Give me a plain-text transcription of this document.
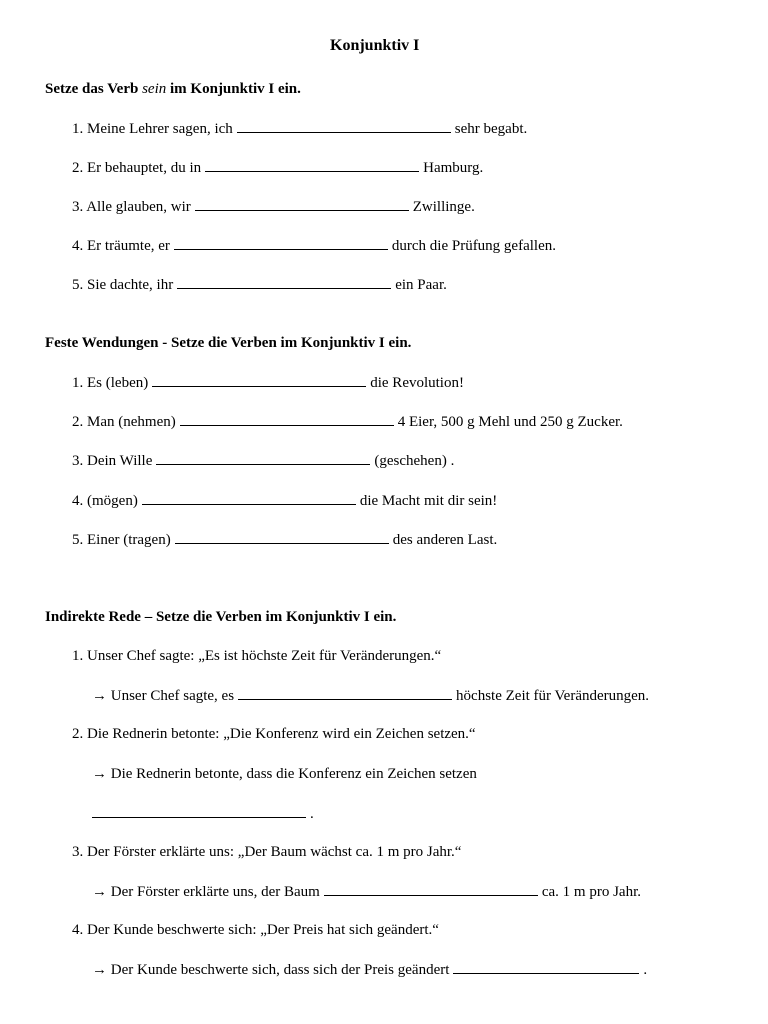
Konjunktiv I
Setze das Verb sein im Konjunktiv I ein.
1. Meine Lehrer sagen, ich	sehr begabt.
2. Er behauptet, du in	Hamburg.
3. Alle glauben, wir	Zwillinge.
4. Er träumte, er	durch die Prüfung gefallen.
5. Sie dachte, ihr	ein Paar.
Feste Wendungen - Setze die Verben im Konjunktiv I ein.
1. Es (leben)	die Revolution!
2. Man (nehmen)	4 Eier, 500 g Mehl und 250 g Zucker.
3. Dein Wille	(geschehen) .
4. (mögen)	die Macht mit dir sein!
5. Einer (tragen)	des anderen Last.
Indirekte Rede – Setze die Verben im Konjunktiv I ein.
1. Unser Chef sagte: „Es ist höchste Zeit für Veränderungen.“
→ Unser Chef sagte, es	höchste Zeit für Veränderungen.
2. Die Rednerin betonte: „Die Konferenz wird ein Zeichen setzen.“
→ Die Rednerin betonte, dass die Konferenz ein Zeichen setzen
.
3. Der Förster erklärte uns: „Der Baum wächst ca. 1 m pro Jahr.“
→ Der Förster erklärte uns, der Baum	ca. 1 m pro Jahr.
4. Der Kunde beschwerte sich: „Der Preis hat sich geändert.“
→ Der Kunde beschwerte sich, dass sich der Preis geändert	.
